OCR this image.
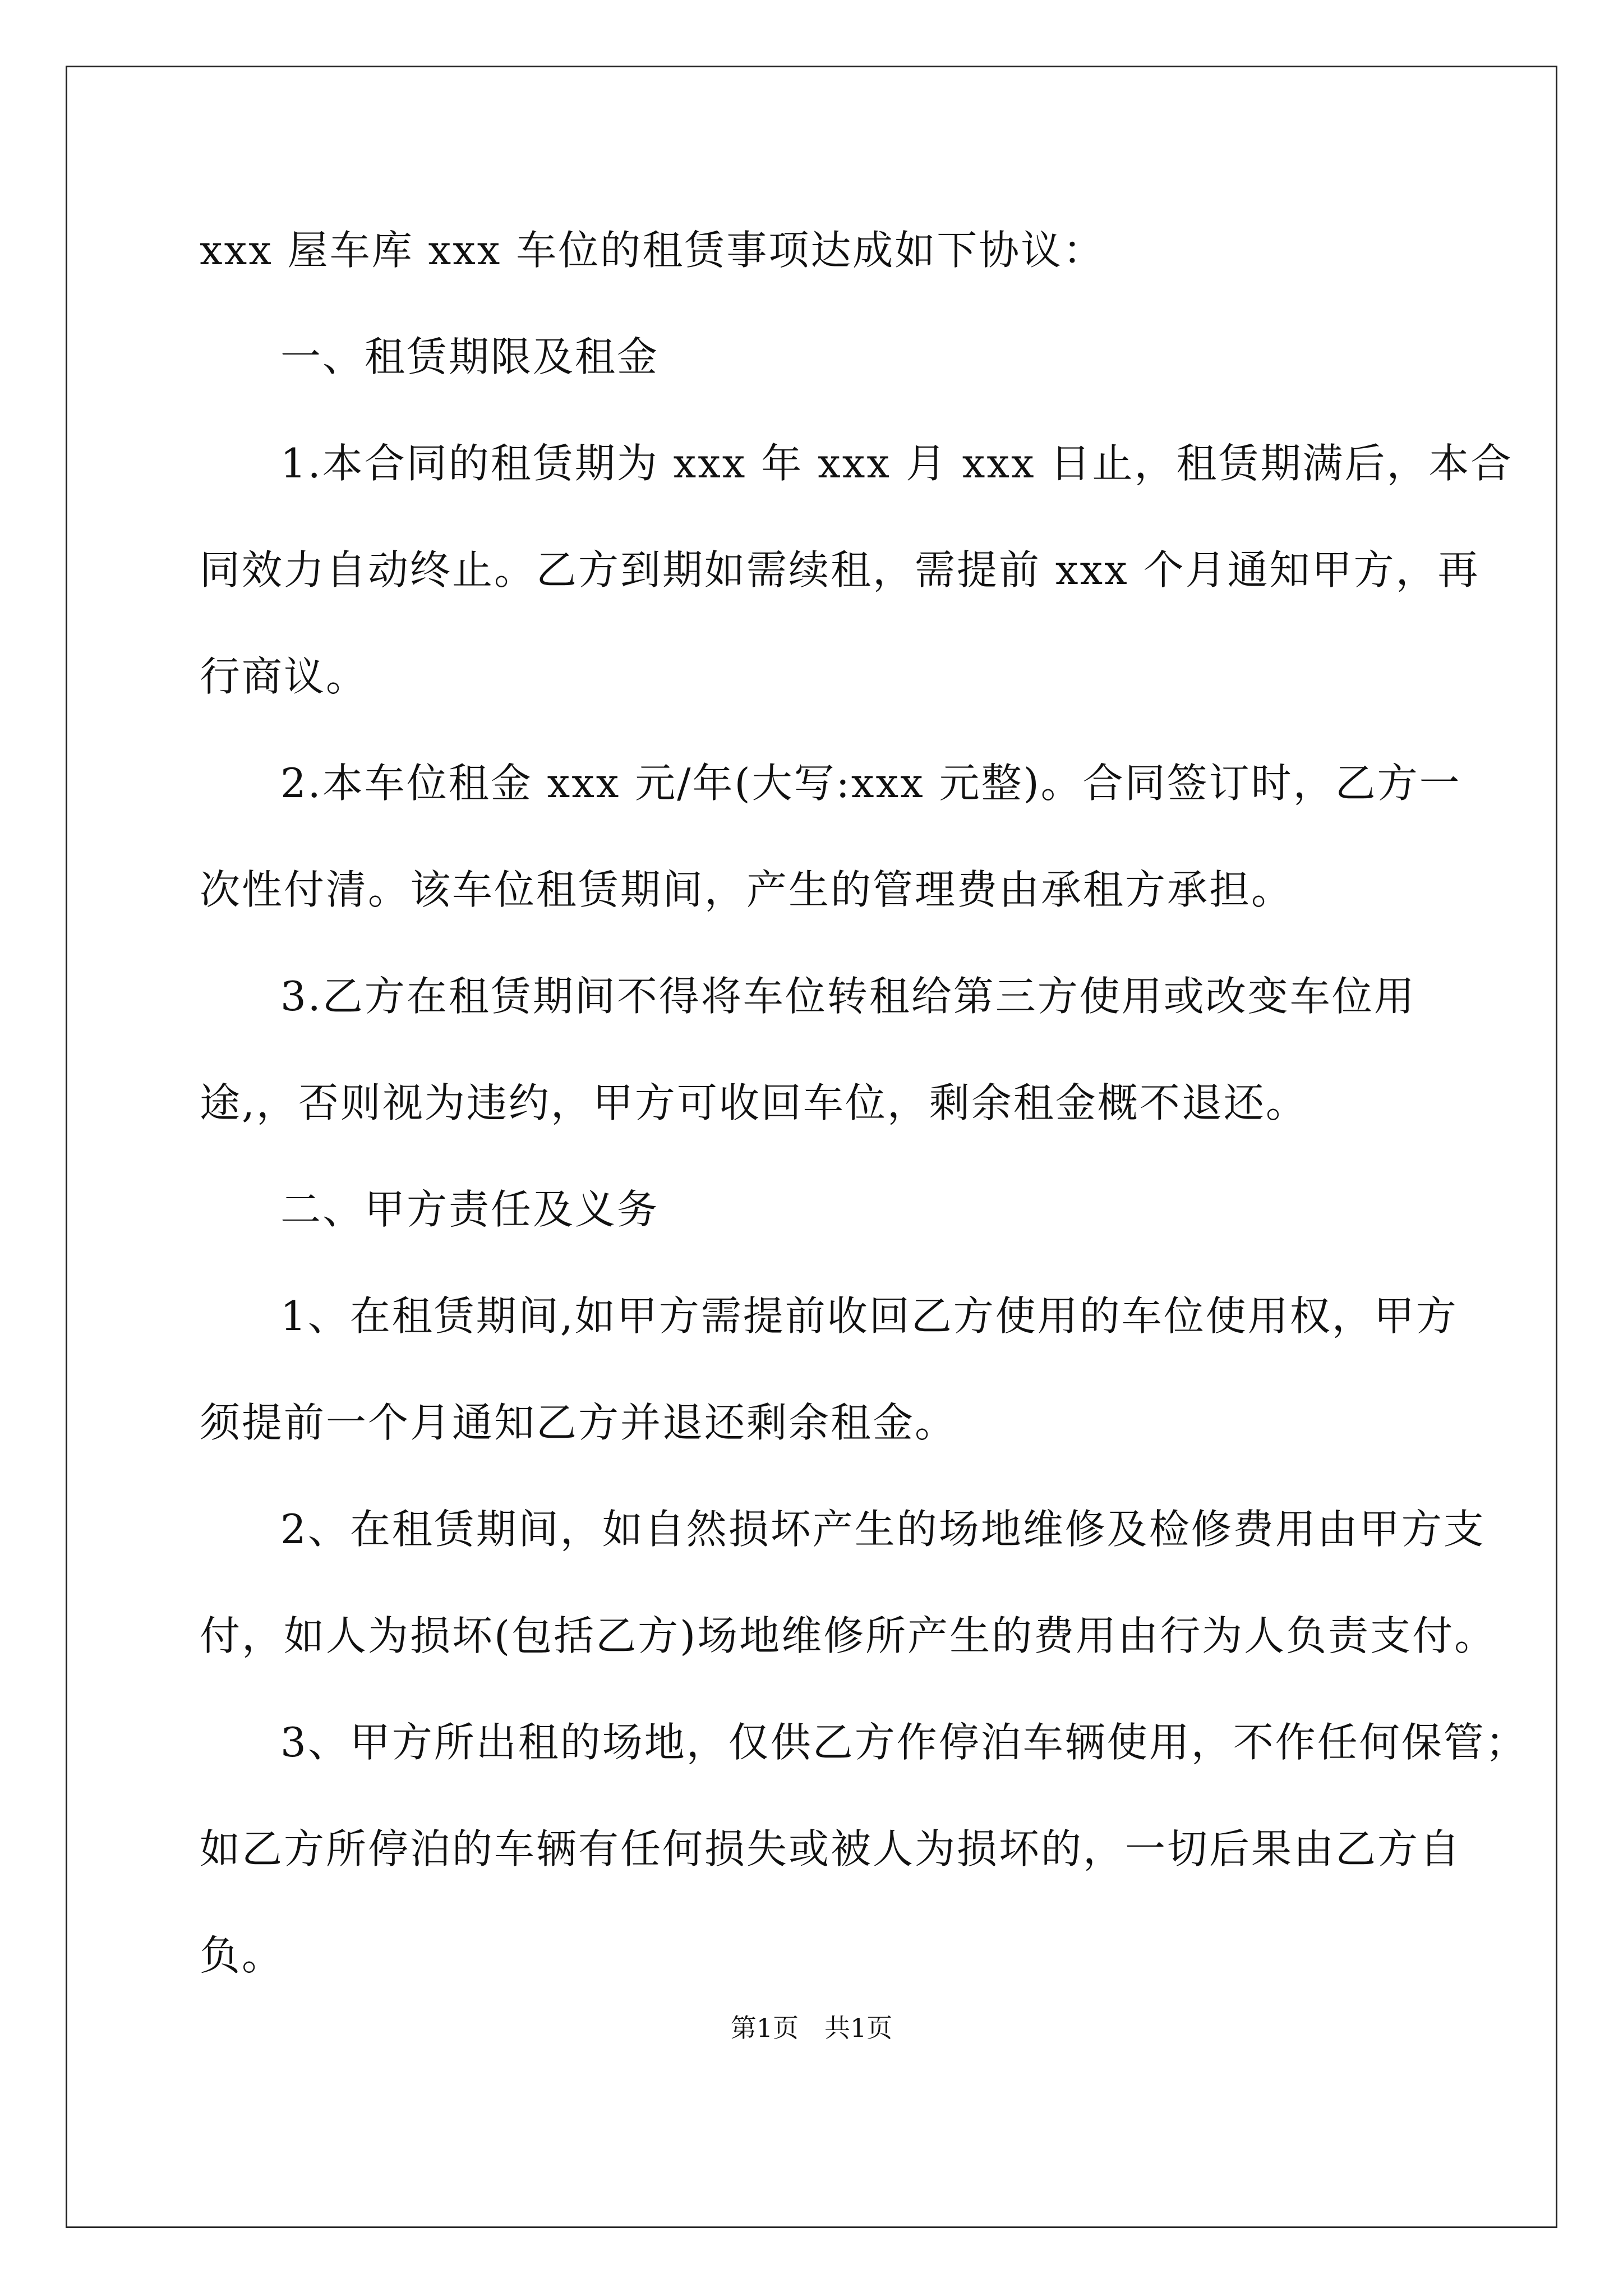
xxx 屋车库 xxx 车位的租赁事项达成如下协议：
一、租赁期限及租金
1.本合同的租赁期为 xxx 年 xxx 月 xxx 日止，租赁期满后，本合
同效力自动终止。乙方到期如需续租，需提前 xxx 个月通知甲方，再
行商议。
2.本车位租金 xxx 元/年(大写:xxx 元整)。合同签订时，乙方一
次性付清。该车位租赁期间，产生的管理费由承租方承担。
3.乙方在租赁期间不得将车位转租给第三方使用或改变车位用
途,，否则视为违约，甲方可收回车位，剩余租金概不退还。
二、甲方责任及义务
1、在租赁期间,如甲方需提前收回乙方使用的车位使用权，甲方
须提前一个月通知乙方并退还剩余租金。
2、在租赁期间，如自然损坏产生的场地维修及检修费用由甲方支
付，如人为损坏(包括乙方)场地维修所产生的费用由行为人负责支付。
3、甲方所出租的场地，仅供乙方作停泊车辆使用，不作任何保管；
如乙方所停泊的车辆有任何损失或被人为损坏的，一切后果由乙方自
负。
第1页　共1页
